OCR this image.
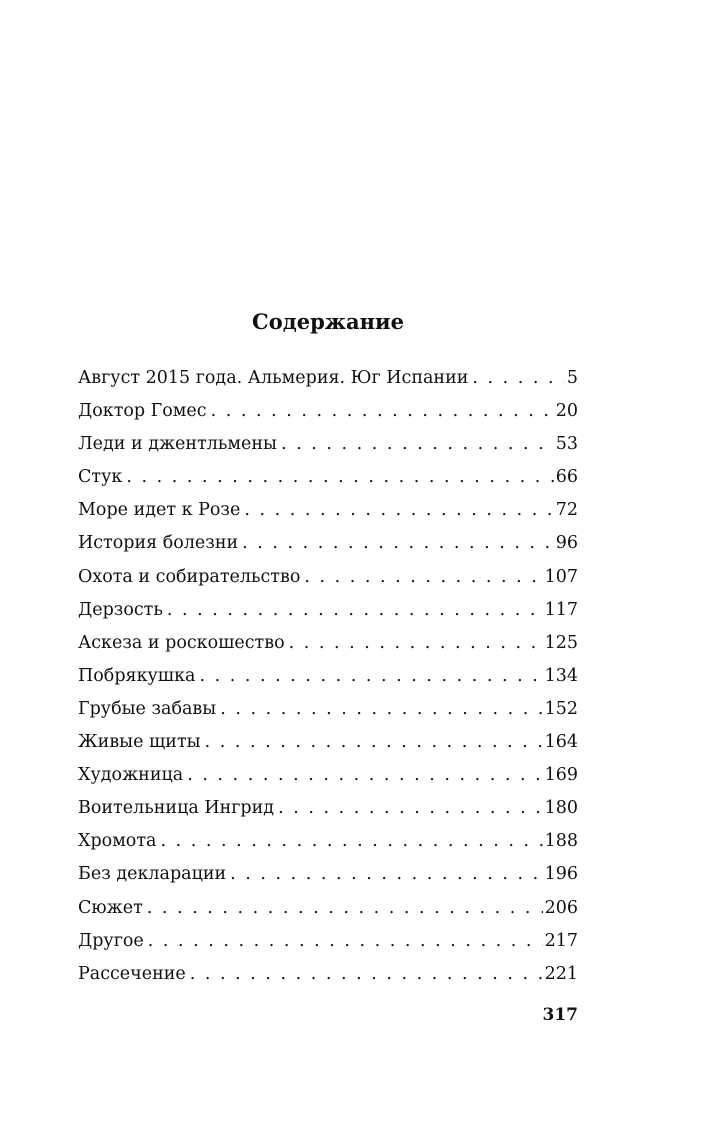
Содержание
Август 2015 года. Альмерия. Юг Испании . . .	5
Доктор Гомес . . .	20
Леди и джентльмены . . .	53
Стук . . .	66
Море идет к Розе . . .	72
История болезни . . .	96
Охота и собирательство . . .	107
Дерзость . . .	117
Аскеза и роскошество . . .	125
Побрякушка . . .	134
Грубые забавы . . .	152
Живые щиты . . .	164
Художница . . .	169
Воительница Ингрид . . .	180
Хромота . . .	188
Без декларации . . .	196
Сюжет . . .	206
Другое . . .	217
Рассечение . . .	221
317
